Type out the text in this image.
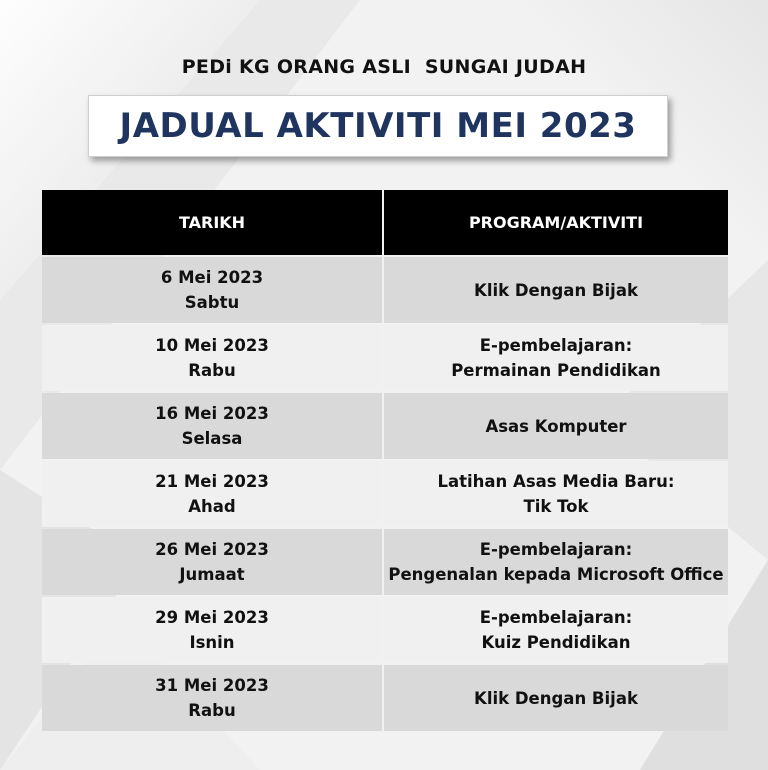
PEDi KG ORANG ASLI  SUNGAI JUDAH
JADUAL AKTIVITI MEI 2023
TARIKH	PROGRAM/AKTIVITI

6 Mei 2023
Sabtu	Klik Dengan Bijak

10 Mei 2023
Rabu	E-pembelajaran:
Permainan Pendidikan

16 Mei 2023
Selasa	Asas Komputer

21 Mei 2023
Ahad	Latihan Asas Media Baru:
Tik Tok

26 Mei 2023
Jumaat	E-pembelajaran:
Pengenalan kepada Microsoft Office

29 Mei 2023
Isnin	E-pembelajaran:
Kuiz Pendidikan

31 Mei 2023
Rabu	Klik Dengan Bijak
